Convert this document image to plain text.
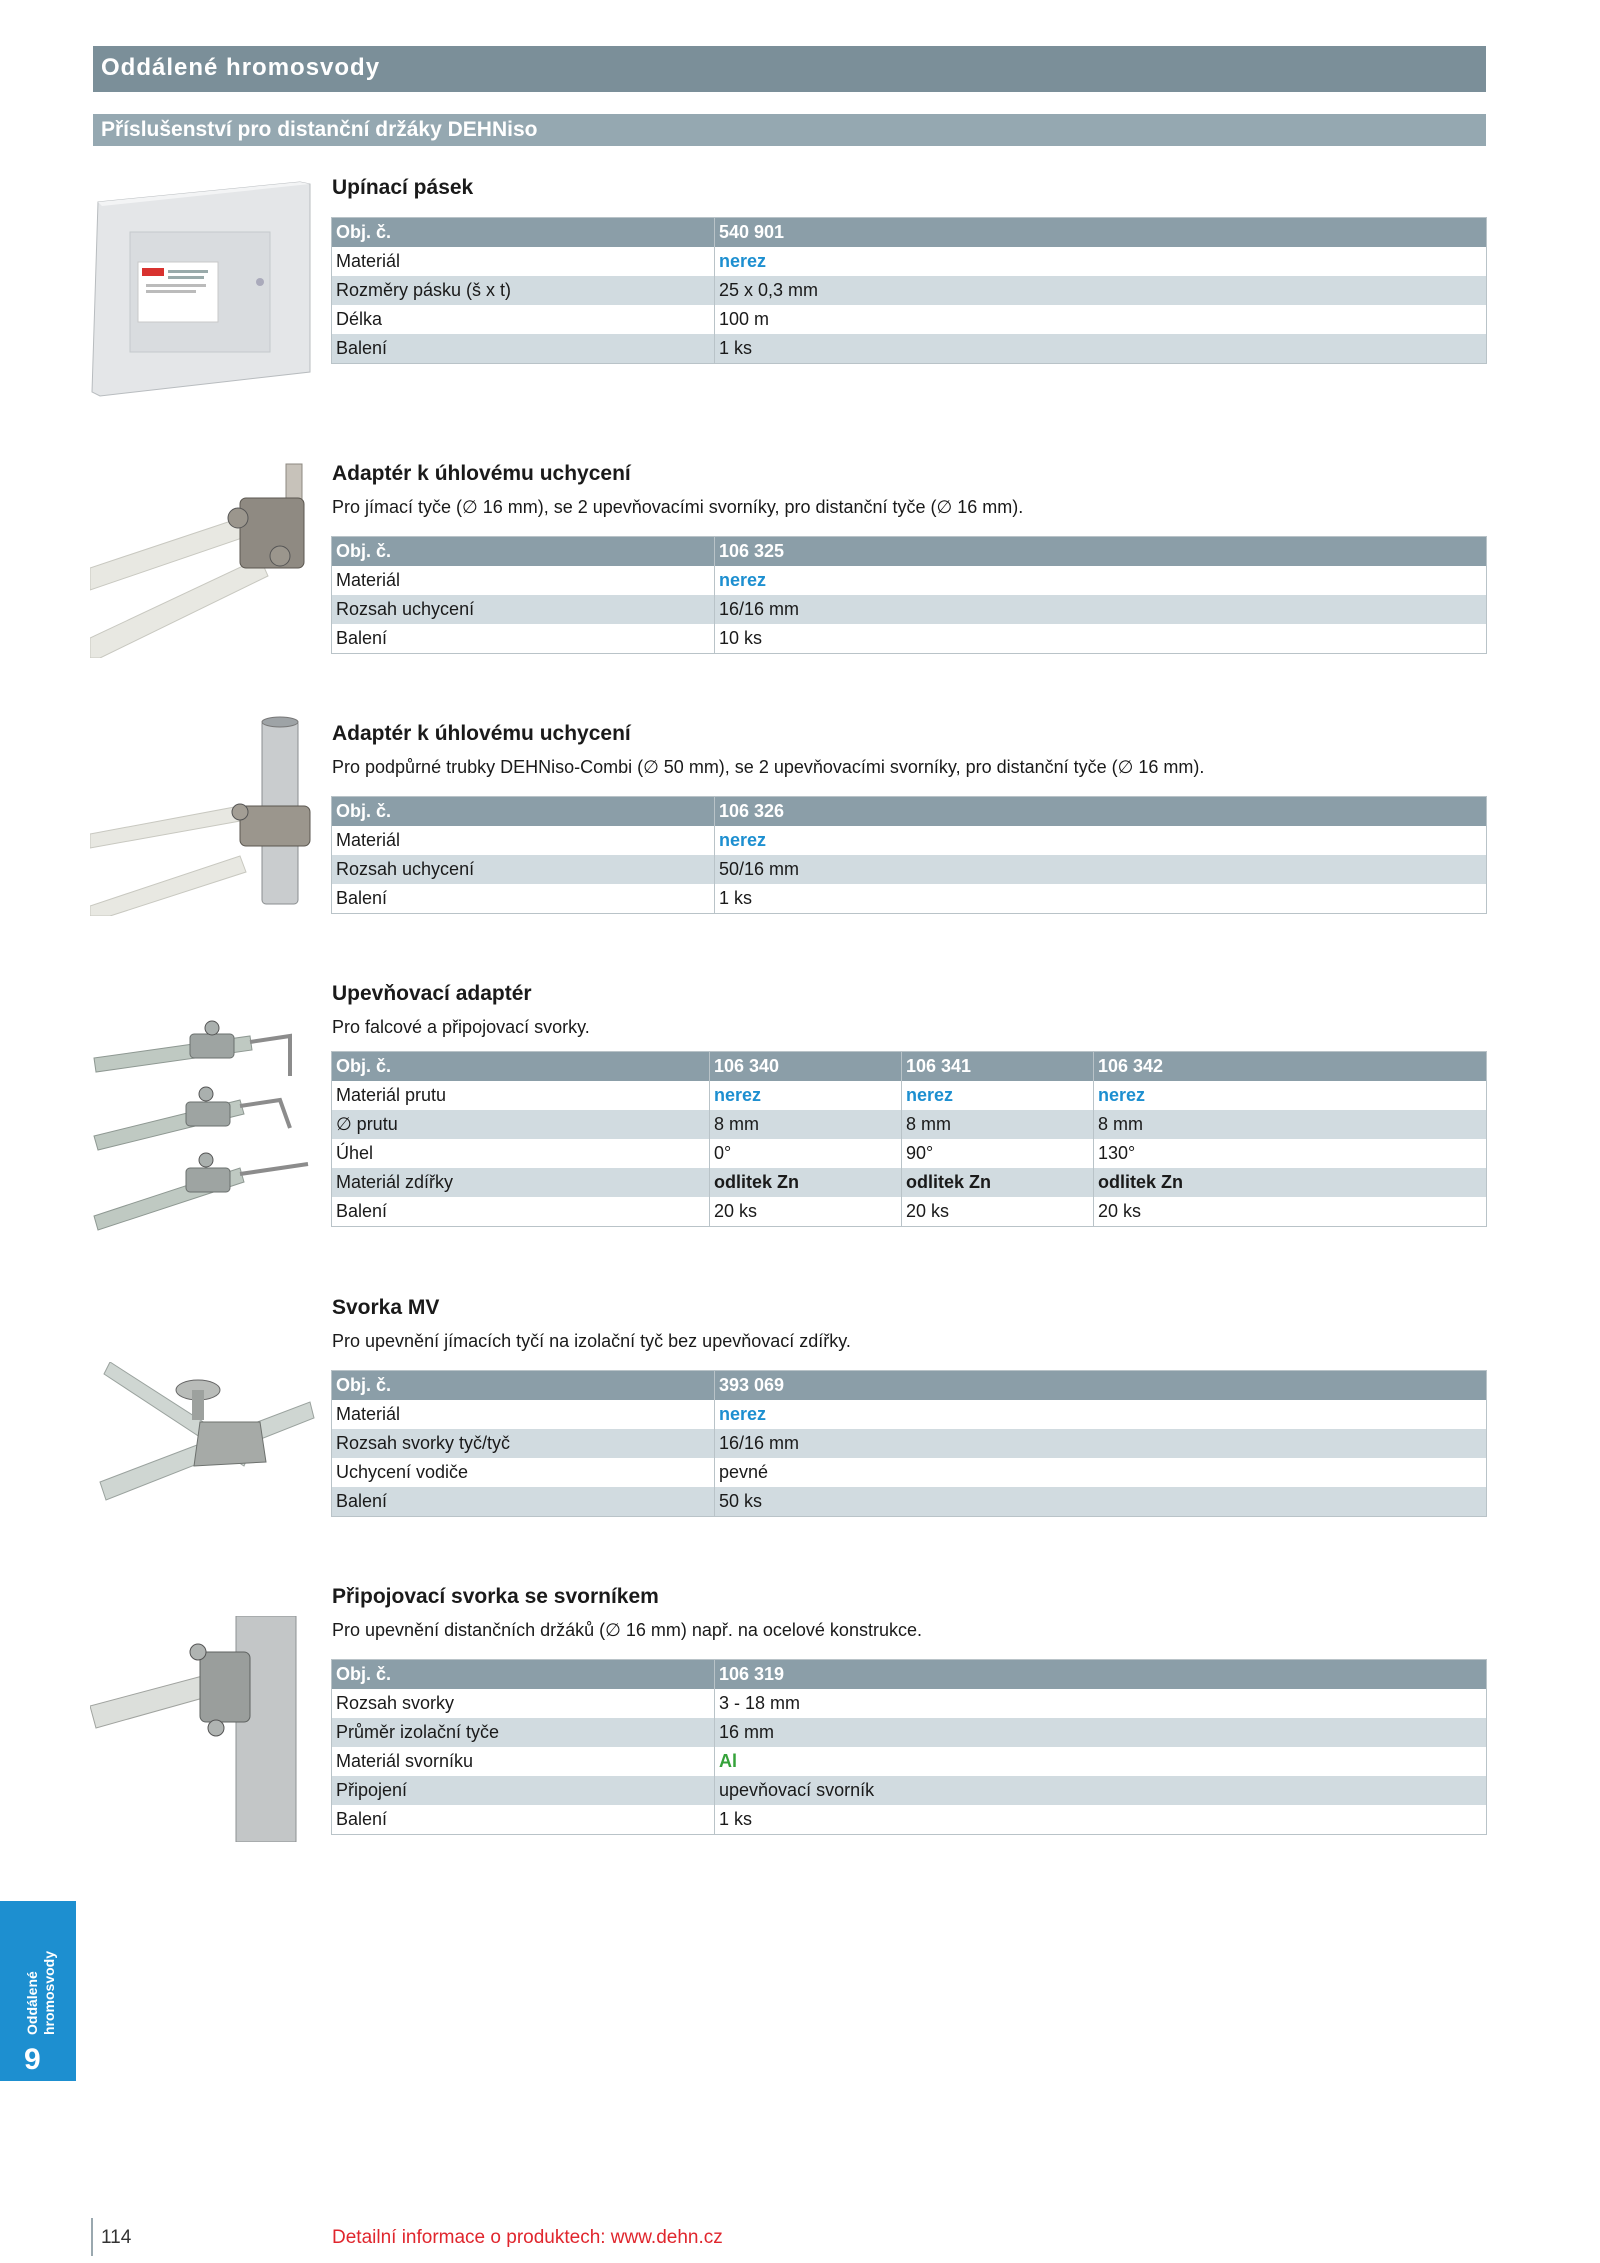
Oddálené hromosvody
Příslušenství pro distanční držáky DEHNiso
Upínací pásek
Obj. č.	540 901
Materiál	nerez
Rozměry pásku (š x t)	25 x 0,3 mm
Délka	100 m
Balení	1 ks
Adaptér k úhlovému uchycení
Pro jímací tyče (∅ 16 mm), se 2 upevňovacími svorníky, pro distanční tyče (∅ 16 mm).
Obj. č.	106 325
Materiál	nerez
Rozsah uchycení	16/16 mm
Balení	10 ks
Adaptér k úhlovému uchycení
Pro podpůrné trubky DEHNiso-Combi (∅ 50 mm), se 2 upevňovacími svorníky, pro distanční tyče (∅ 16 mm).
Obj. č.	106 326
Materiál	nerez
Rozsah uchycení	50/16 mm
Balení	1 ks
Upevňovací adaptér
Pro falcové a připojovací svorky.
Obj. č.	106 340	106 341	106 342
Materiál prutu	nerez	nerez	nerez
∅ prutu	8 mm	8 mm	8 mm
Úhel	0°	90°	130°
Materiál zdířky	odlitek Zn	odlitek Zn	odlitek Zn
Balení	20 ks	20 ks	20 ks
Svorka MV
Pro upevnění jímacích tyčí na izolační tyč bez upevňovací zdířky.
Obj. č.	393 069
Materiál	nerez
Rozsah svorky tyč/tyč	16/16 mm
Uchycení vodiče	pevné
Balení	50 ks
Připojovací svorka se svorníkem
Pro upevnění distančních držáků (∅ 16 mm) např. na ocelové konstrukce.
Obj. č.	106 319
Rozsah svorky	3 - 18 mm
Průměr izolační tyče	16 mm
Materiál svorníku	Al
Připojení	upevňovací svorník
Balení	1 ks
Oddálené hromosvody
9
114	Detailní informace o produktech: www.dehn.cz
